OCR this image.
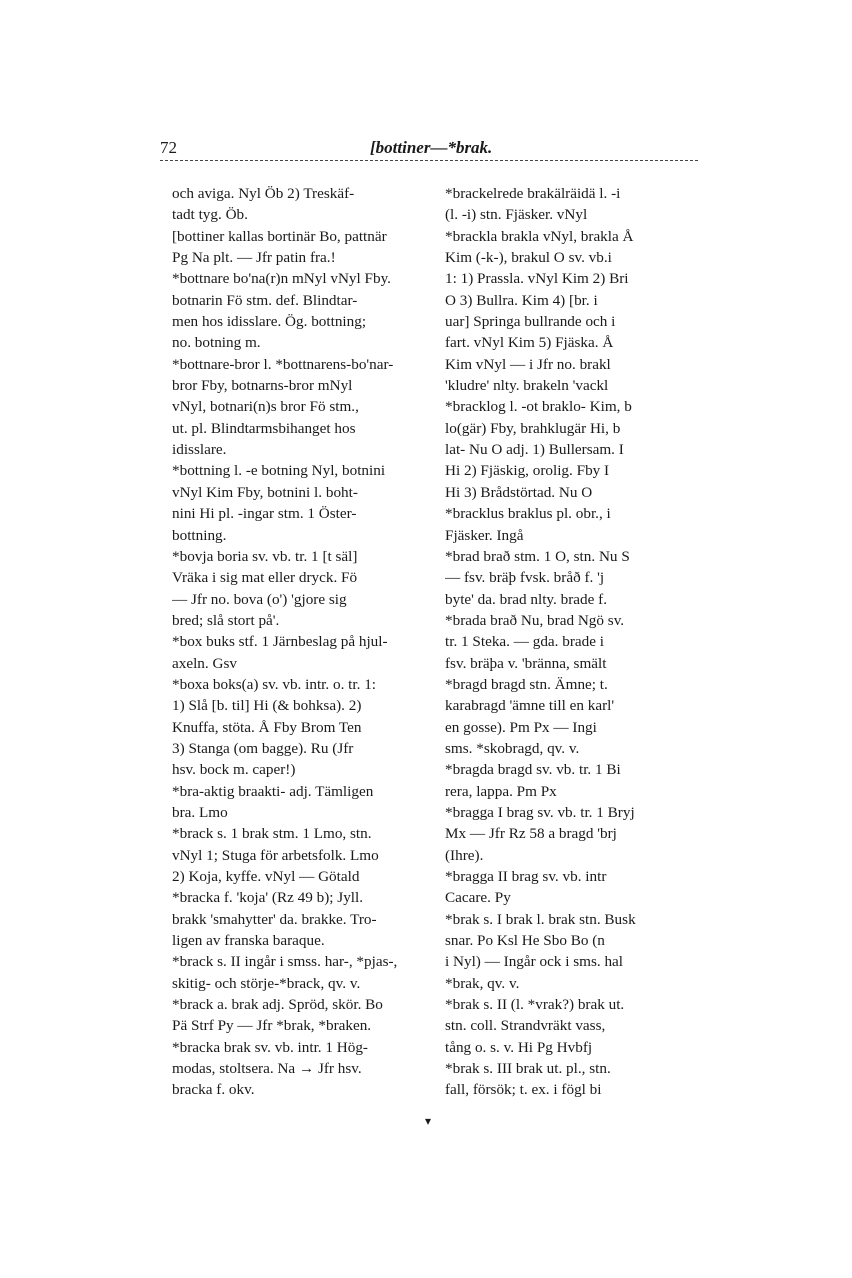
72	[bottiner—*brak.
och aviga. Nyl Öb 2) Treskäf-
tadt tyg. Öb.
[bottiner kallas bortinär Bo, pattnär
Pg Na plt. — Jfr patin fra.!
*bottnare bo'na(r)n mNyl vNyl Fby.
botnarin Fö stm. def. Blindtar-
men hos idisslare. Ög. bottning;
no. botning m.
*bottnare-bror l. *bottnarens-bo'nar-
bror Fby, botnarns-bror mNyl
vNyl, botnari(n)s bror Fö stm.,
ut. pl. Blindtarmsbihanget hos
idisslare.
*bottning l. -e botning Nyl, botnini
vNyl Kim Fby, botnini l. boht-
nini Hi pl. -ingar stm. 1 Öster-
bottning.
*bovja boria sv. vb. tr. 1 [t säl]
Vräka i sig mat eller dryck. Fö
— Jfr no. bova (o') 'gjore sig
bred; slå stort på'.
*box buks stf. 1 Järnbeslag på hjul-
axeln. Gsv
*boxa boks(a) sv. vb. intr. o. tr. 1:
1) Slå [b. til] Hi (& bohksa). 2)
Knuffa, stöta. Å Fby Brom Ten
3) Stanga (om bagge). Ru (Jfr
hsv. bock m. caper!)
*bra-aktig braakti- adj. Tämligen
bra. Lmo
*brack s. 1 brak stm. 1 Lmo, stn.
vNyl 1; Stuga för arbetsfolk. Lmo
2) Koja, kyffe. vNyl — Götald
*bracka f. 'koja' (Rz 49 b); Jyll.
brakk 'smahytter' da. brakke. Tro-
ligen av franska baraque.
*brack s. II ingår i smss. har-, *pjas-,
skitig- och störje-*brack, qv. v.
*brack a. brak adj. Spröd, skör. Bo
Pä Strf Py — Jfr *brak, *braken.
*bracka brak sv. vb. intr. 1 Hög-
modas, stoltsera. Na → Jfr hsv.
bracka f. okv.
*brackelrede brakälräidä l. -i
(l. -i) stn. Fjäsker. vNyl
*brackla brakla vNyl, brakla Å
Kim (-k-), brakul O sv. vb.i
1: 1) Prassla. vNyl Kim 2) Bri
O 3) Bullra. Kim 4) [br. i
uar] Springa bullrande och i
fart. vNyl Kim 5) Fjäska. Å
Kim vNyl — i Jfr no. brakl
'kludre' nlty. brakeln 'vackl
*bracklog l. -ot braklo- Kim, b
lo(gär) Fby, brahklugär Hi, b
lat- Nu O adj. 1) Bullersam. I
Hi 2) Fjäskig, orolig. Fby I
Hi 3) Brådstörtad. Nu O
*bracklus braklus pl. obr., i
Fjäsker. Ingå
*brad brað stm. 1 O, stn. Nu S
— fsv. bräþ fvsk. bråð f. 'j
byte' da. brad nlty. brade f.
*brada brað Nu, brad Ngö sv.
tr. 1 Steka. — gda. brade i
fsv. bräþa v. 'bränna, smält
*bragd bragd stn. Ämne; t.
karabragd 'ämne till en karl'
en gosse). Pm Px — Ingi
sms. *skobragd, qv. v.
*bragda bragd sv. vb. tr. 1 Bi
rera, lappa. Pm Px
*bragga I brag sv. vb. tr. 1 Bryj
Mx — Jfr Rz 58 a bragd 'brj
(Ihre).
*bragga II brag sv. vb. intr
Cacare. Py
*brak s. I brak l. brak stn. Busk
snar. Po Ksl He Sbo Bo (n
i Nyl) — Ingår ock i sms. hal
*brak, qv. v.
*brak s. II (l. *vrak?) brak ut.
stn. coll. Strandvräkt vass,
tång o. s. v. Hi Pg Hvbfj
*brak s. III brak ut. pl., stn.
fall, försök; t. ex. i fögl bi
▾
